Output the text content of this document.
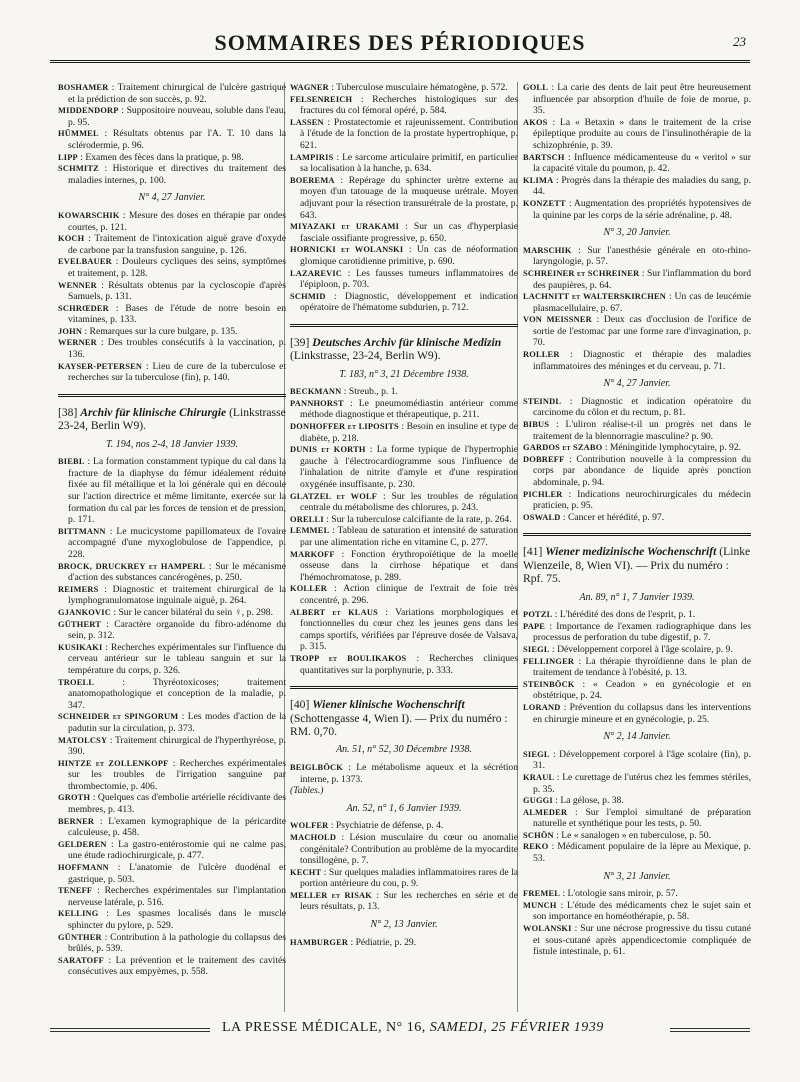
SOMMAIRES DES PÉRIODIQUES	23
BOSHAMER : Traitement chirurgical de l'ulcère gastrique et la prédiction de son succès, p. 92.
MIDDENDORP : Suppositoire nouveau, soluble dans l'eau, p. 95.
HÜMMEL : Résultats obtenus par l'A. T. 10 dans la sclérodermie, p. 96.
LIPP : Examen des fèces dans la pratique, p. 98.
SCHMITZ : Historique et directives du traitement des maladies internes, p. 100.
N° 4, 27 Janvier.
KOWARSCHIK : Mesure des doses en thérapie par ondes courtes, p. 121.
KOCH : Traitement de l'intoxication aiguë grave d'oxyde de carbone par la transfusion sanguine, p. 126.
EVELBAUER : Douleurs cycliques des seins, symptômes et traitement, p. 128.
WENNER : Résultats obtenus par la cycloscopie d'après Samuels, p. 131.
SCHRŒDER : Bases de l'étude de notre besoin en vitamines, p. 133.
JOHN : Remarques sur la cure bulgare, p. 135.
WERNER : Des troubles consécutifs à la vaccination, p. 136.
KAYSER-PETERSEN : Lieu de cure de la tuberculose et recherches sur la tuberculose (fin), p. 140.
[38] Archiv für klinische Chirurgie (Linkstrasse 23-24, Berlin W9).
T. 194, nos 2-4, 18 Janvier 1939.
BIEBL : La formation constamment typique du cal dans la fracture de la diaphyse du fémur idéalement réduite fixée au fil métallique et la loi générale qui en découle sur l'action directrice et même limitante, exercée sur la formation du cal par les forces de tension et de pression, p. 171.
BITTMANN : Le mucicystome papillomateux de l'ovaire accompagné d'une myxoglobulose de l'appendice, p. 228.
BROCK, DRUCKREY et HAMPERL : Sur le mécanisme d'action des substances cancérogènes, p. 250.
REIMERS : Diagnostic et traitement chirurgical de la lymphogranulomatose inguinale aiguë, p. 264.
GJANKOVIC : Sur le cancer bilatéral du sein ♀, p. 298.
GÜTHERT : Caractère organoïde du fibro-adénome du sein, p. 312.
KUSIKAKI : Recherches expérimentales sur l'influence du cerveau antérieur sur le tableau sanguin et sur la température du corps, p. 326.
TROELL	: Thyréotoxicoses; traitement anatomopathologique et conception de la maladie, p. 347.
SCHNEIDER et SPINGORUM : Les modes d'action de la padutin sur la circulation, p. 373.
MATOLCSY : Traitement chirurgical de l'hyperthyréose, p. 390.
HINTZE et ZOLLENKOPF : Recherches expérimentales sur les troubles de l'irrigation sanguine par thrombectomie, p. 406.
GROTH : Quelques cas d'embolie artérielle récidivante des membres, p. 413.
BERNER : L'examen kymographique de la péricardite calculeuse, p. 458.
GELDEREN : La gastro-entérostomie qui ne calme pas, une étude radiochirurgicale, p. 477.
HOFFMANN : L'anatomie de l'ulcère duodénal et gastrique, p. 503.
TENEFF : Recherches expérimentales sur l'implantation nerveuse latérale, p. 516.
KELLING : Les spasmes localisés dans le muscle sphincter du pylore, p. 529.
GÜNTHER : Contribution à la pathologie du collapsus des brûlés, p. 539.
SARATOFF : La prévention et le traitement des cavités consécutives aux empyèmes, p. 558.
WAGNER : Tuberculose musculaire hématogène, p. 572.
FELSENREICH : Recherches histologiques sur des fractures du col fémoral opéré, p. 584.
LASSEN : Prostatectomie et rajeunissement. Contribution à l'étude de la fonction de la prostate hypertrophique, p. 621.
LAMPIRIS : Le sarcome articulaire primitif, en particulier sa localisation à la hanche, p. 634.
BOEREMA : Repérage du sphincter urètre externe au moyen d'un tatouage de la muqueuse urétrale. Moyen adjuvant pour la résection transurétrale de la prostate, p. 643.
MIYAZAKI et URAKAMI : Sur un cas d'hyperplasie fasciale ossifiante progressive, p. 650.
HORNICKI et WOLANSKI : Un cas de néoformation glomique carotidienne primitive, p. 690.
LAZAREVIC : Les fausses tumeurs inflammatoires de l'épiploon, p. 703.
SCHMID : Diagnostic, développement et indication opératoire de l'hématome subdurien, p. 712.
[39] Deutsches Archiv für klinische Medizin (Linkstrasse, 23-24, Berlin W9).
T. 183, n° 3, 21 Décembre 1938.
BECKMANN : Streub., p. 1.
PANNHORST : Le pneumomédiastin antérieur comme méthode diagnostique et thérapeutique, p. 211.
DONHOFFER et LIPOSITS : Besoin en insuline et type de diabète, p. 218.
DUNIS et KORTH : La forme typique de l'hypertrophie gauche à l'électrocardiogramme sous l'influence de l'inhalation de nitrite d'amyle et d'une respiration oxygénée insuffisante, p. 230.
GLATZEL et WOLF : Sur les troubles de régulation centrale du métabolisme des chlorures, p. 243.
ORELLI : Sur la tuberculose calcifiante de la rate, p. 264.
LEMMEL : Tableau de saturation et intensité de saturation par une alimentation riche en vitamine C, p. 277.
MARKOFF : Fonction érythropoïétique de la moelle osseuse dans la cirrhose hépatique et dans l'hémochromatose, p. 289.
KOLLER : Action clinique de l'extrait de foie très concentré, p. 296.
ALBERT et KLAUS : Variations morphologiques et fonctionnelles du cœur chez les jeunes gens dans les camps sportifs, vérifiées par l'épreuve dosée de Valsava, p. 315.
TROPP et BOULIKAKOS : Recherches cliniques quantitatives sur la porphynurie, p. 333.
[40] Wiener klinische Wochenschrift (Schottengasse 4, Wien I). — Prix du numéro : RM. 0,70.
An. 51, n° 52, 30 Décembre 1938.
BEIGLBÖCK : Le métabolisme aqueux et la sécrétion interne, p. 1373.
(Tables.)
An. 52, n° 1, 6 Janvier 1939.
WOLFER : Psychiatrie de défense, p. 4.
MACHOLD : Lésion musculaire du cœur ou anomalie congénitale? Contribution au problème de la myocardite tonsillogène, p. 7.
KECHT : Sur quelques maladies inflammatoires rares de la portion antérieure du cou, p. 9.
MELLER et RISAK : Sur les recherches en série et de leurs résultats, p. 13.
N° 2, 13 Janvier.
HAMBURGER : Pédiatrie, p. 29.
GOLL : La carie des dents de lait peut être heureusement influencée par absorption d'huile de foie de morue, p. 35.
AKOS : La « Betaxin » dans le traitement de la crise épileptique produite au cours de l'insulinothérapie de la schizophrénie, p. 39.
BARTSCH : Influence médicamenteuse du « veritol » sur la capacité vitale du poumon, p. 42.
KLIMA : Progrès dans la thérapie des maladies du sang, p. 44.
KONZETT : Augmentation des propriétés hypotensives de la quinine par les corps de la série adrénaline, p. 48.
N° 3, 20 Janvier.
MARSCHIK : Sur l'anesthésie générale en oto-rhino-laryngologie, p. 57.
SCHREINER et SCHREINER : Sur l'inflammation du bord des paupières, p. 64.
LACHNITT et WALTERSKIRCHEN : Un cas de leucémie plasmacellulaire, p. 67.
VON MEISSNER : Deux cas d'occlusion de l'orifice de sortie de l'estomac par une forme rare d'invagination, p. 70.
ROLLER : Diagnostic et thérapie des maladies inflammatoires des méninges et du cerveau, p. 71.
N° 4, 27 Janvier.
STEINDL : Diagnostic et indication opératoire du carcinome du côlon et du rectum, p. 81.
BIBUS : L'uliron réalise-t-il un progrès net dans le traitement de la blennorragie masculine? p. 90.
GARDOS et SZABO : Méningitide lymphocytaire, p. 92.
DOBREFF : Contribution nouvelle à la compression du corps par abondance de liquide après ponction abdominale, p. 94.
PICHLER : Indications neurochirurgicales du médecin praticien, p. 95.
OSWALD : Cancer et hérédité, p. 97.
[41] Wiener medizinische Wochenschrift (Linke Wienzeile, 8, Wien VI). — Prix du numéro : Rpf. 75.
An. 89, n° 1, 7 Janvier 1939.
POTZL : L'hérédité des dons de l'esprit, p. 1.
PAPE : Importance de l'examen radiographique dans les processus de perforation du tube digestif, p. 7.
SIEGL : Développement corporel à l'âge scolaire, p. 9.
FELLINGER : La thérapie thyroïdienne dans le plan de traitement de tendance à l'obésité, p. 13.
STEINBÖCK : « Ceadon » en gynécologie et en obstétrique, p. 24.
LORAND : Prévention du collapsus dans les interventions en chirurgie mineure et en gynécologie, p. 25.
N° 2, 14 Janvier.
SIEGL : Développement corporel à l'âge scolaire (fin), p. 31.
KRAUL : Le curettage de l'utérus chez les femmes stériles, p. 35.
GUGGI : La gélose, p. 38.
ALMEDER : Sur l'emploi simultané de préparation naturelle et synthétique pour les tests, p. 50.
SCHÖN : Le « sanalogen » en tuberculose, p. 50.
REKO : Médicament populaire de la lèpre au Mexique, p. 53.
N° 3, 21 Janvier.
FREMEL : L'otologie sans miroir, p. 57.
MUNCH : L'étude des médicaments chez le sujet sain et son importance en homéothérapie, p. 58.
WOLANSKI : Sur une nécrose progressive du tissu cutané et sous-cutané après appendicectomie compliquée de fistule intestinale, p. 61.
LA PRESSE MÉDICALE, N° 16, SAMEDI, 25 FÉVRIER 1939
